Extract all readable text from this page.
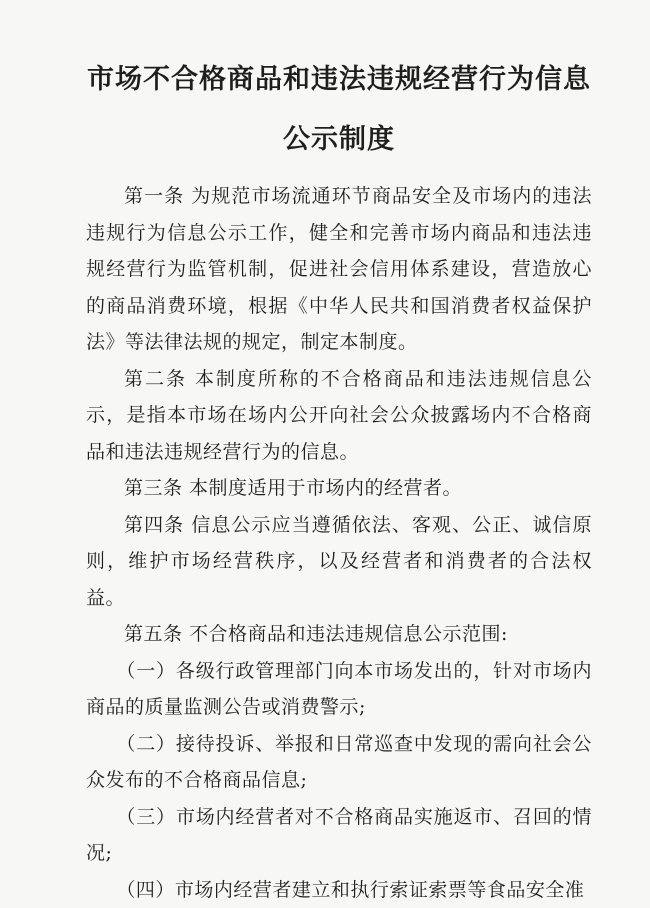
市场不合格商品和违法违规经营行为信息
公示制度

第一条 为规范市场流通环节商品安全及市场内的违法违规行为信息公示工作，健全和完善市场内商品和违法违规经营行为监管机制，促进社会信用体系建设，营造放心的商品消费环境，根据《中华人民共和国消费者权益保护法》等法律法规的规定，制定本制度。

第二条 本制度所称的不合格商品和违法违规信息公示，是指本市场在场内公开向社会公众披露场内不合格商品和违法违规经营行为的信息。

第三条 本制度适用于市场内的经营者。

第四条 信息公示应当遵循依法、客观、公正、诚信原则，维护市场经营秩序，以及经营者和消费者的合法权益。

第五条 不合格商品和违法违规信息公示范围:

（一）各级行政管理部门向本市场发出的，针对市场内商品的质量监测公告或消费警示;

（二）接待投诉、举报和日常巡查中发现的需向社会公众发布的不合格商品信息;

（三）市场内经营者对不合格商品实施返市、召回的情况;

（四）市场内经营者建立和执行索证索票等食品安全准
